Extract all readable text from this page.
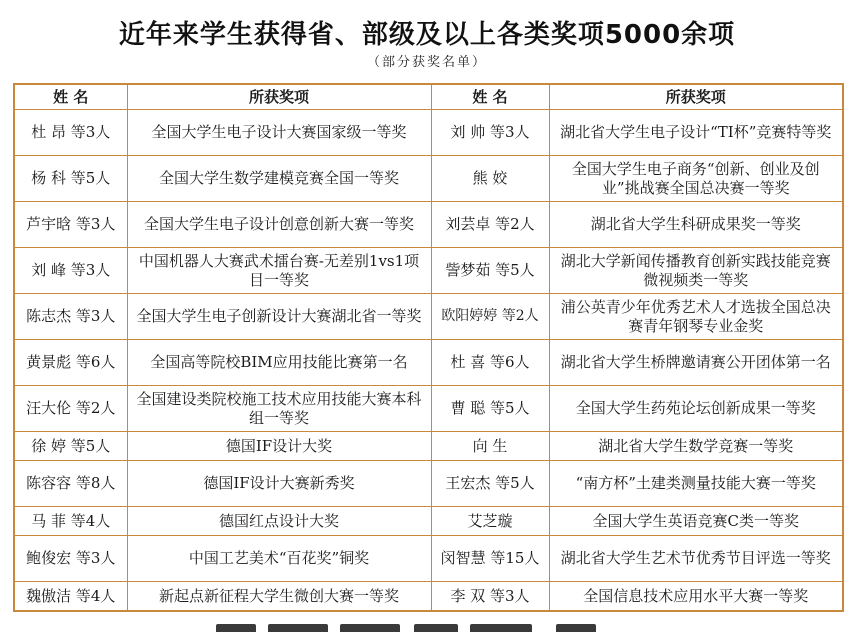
近年来学生获得省、部级及以上各类奖项5000余项
（部分获奖名单）
姓 名	所获奖项	姓 名	所获奖项
杜 昂 等3人	全国大学生电子设计大赛国家级一等奖	刘 帅 等3人	湖北省大学生电子设计“TI杯”竞赛特等奖
杨 科 等5人	全国大学生数学建模竞赛全国一等奖	熊 姣	全国大学生电子商务“创新、创业及创业”挑战赛全国总决赛一等奖
芦宇晗 等3人	全国大学生电子设计创意创新大赛一等奖	刘芸卓 等2人	湖北省大学生科研成果奖一等奖
刘 峰 等3人	中国机器人大赛武术擂台赛-无差别1vs1项目一等奖	訾梦茹 等5人	湖北大学新闻传播教育创新实践技能竞赛微视频类一等奖
陈志杰 等3人	全国大学生电子创新设计大赛湖北省一等奖	欧阳婷婷 等2人	浦公英青少年优秀艺术人才选拔全国总决赛青年钢琴专业金奖
黄景彪 等6人	全国高等院校BIM应用技能比赛第一名	杜 喜 等6人	湖北省大学生桥牌邀请赛公开团体第一名
汪大伦 等2人	全国建设类院校施工技术应用技能大赛本科组一等奖	曹 聪 等5人	全国大学生药苑论坛创新成果一等奖
徐 婷 等5人	德国IF设计大奖	向 生	湖北省大学生数学竞赛一等奖
陈容容 等8人	德国IF设计大赛新秀奖	王宏杰 等5人	“南方杯”土建类测量技能大赛一等奖
马 菲 等4人	德国红点设计大奖	艾芝璇	全国大学生英语竞赛C类一等奖
鲍俊宏 等3人	中国工艺美术“百花奖”铜奖	闵智慧 等15人	湖北省大学生艺术节优秀节目评选一等奖
魏傲洁 等4人	新起点新征程大学生微创大赛一等奖	李 双 等3人	全国信息技术应用水平大赛一等奖
